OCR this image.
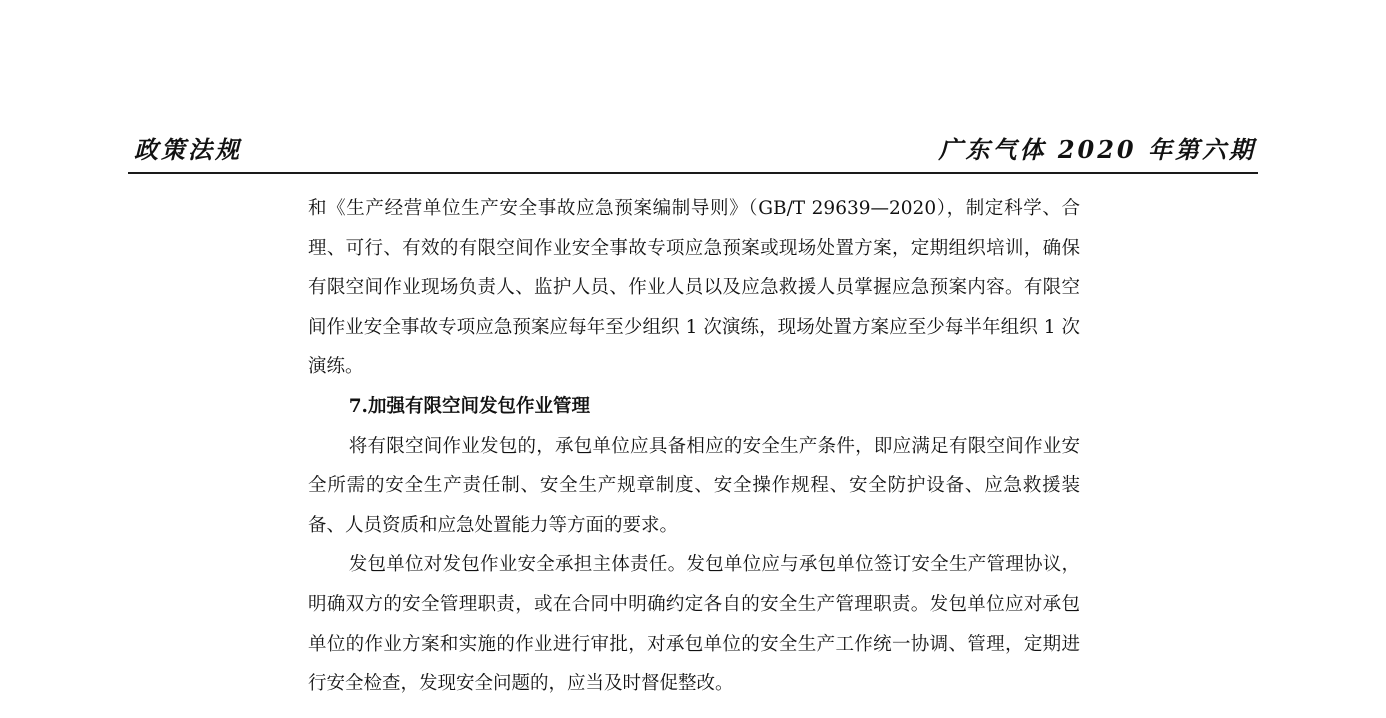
政策法规	广东气体 2020 年第六期

和《生产经营单位生产安全事故应急预案编制导则》（GB/T 29639—2020），制定科学、合理、可行、有效的有限空间作业安全事故专项应急预案或现场处置方案，定期组织培训，确保有限空间作业现场负责人、监护人员、作业人员以及应急救援人员掌握应急预案内容。有限空间作业安全事故专项应急预案应每年至少组织 1 次演练，现场处置方案应至少每半年组织 1 次演练。

7.加强有限空间发包作业管理

将有限空间作业发包的，承包单位应具备相应的安全生产条件，即应满足有限空间作业安全所需的安全生产责任制、安全生产规章制度、安全操作规程、安全防护设备、应急救援装备、人员资质和应急处置能力等方面的要求。

发包单位对发包作业安全承担主体责任。发包单位应与承包单位签订安全生产管理协议，明确双方的安全管理职责，或在合同中明确约定各自的安全生产管理职责。发包单位应对承包单位的作业方案和实施的作业进行审批，对承包单位的安全生产工作统一协调、管理，定期进行安全检查，发现安全问题的，应当及时督促整改。
